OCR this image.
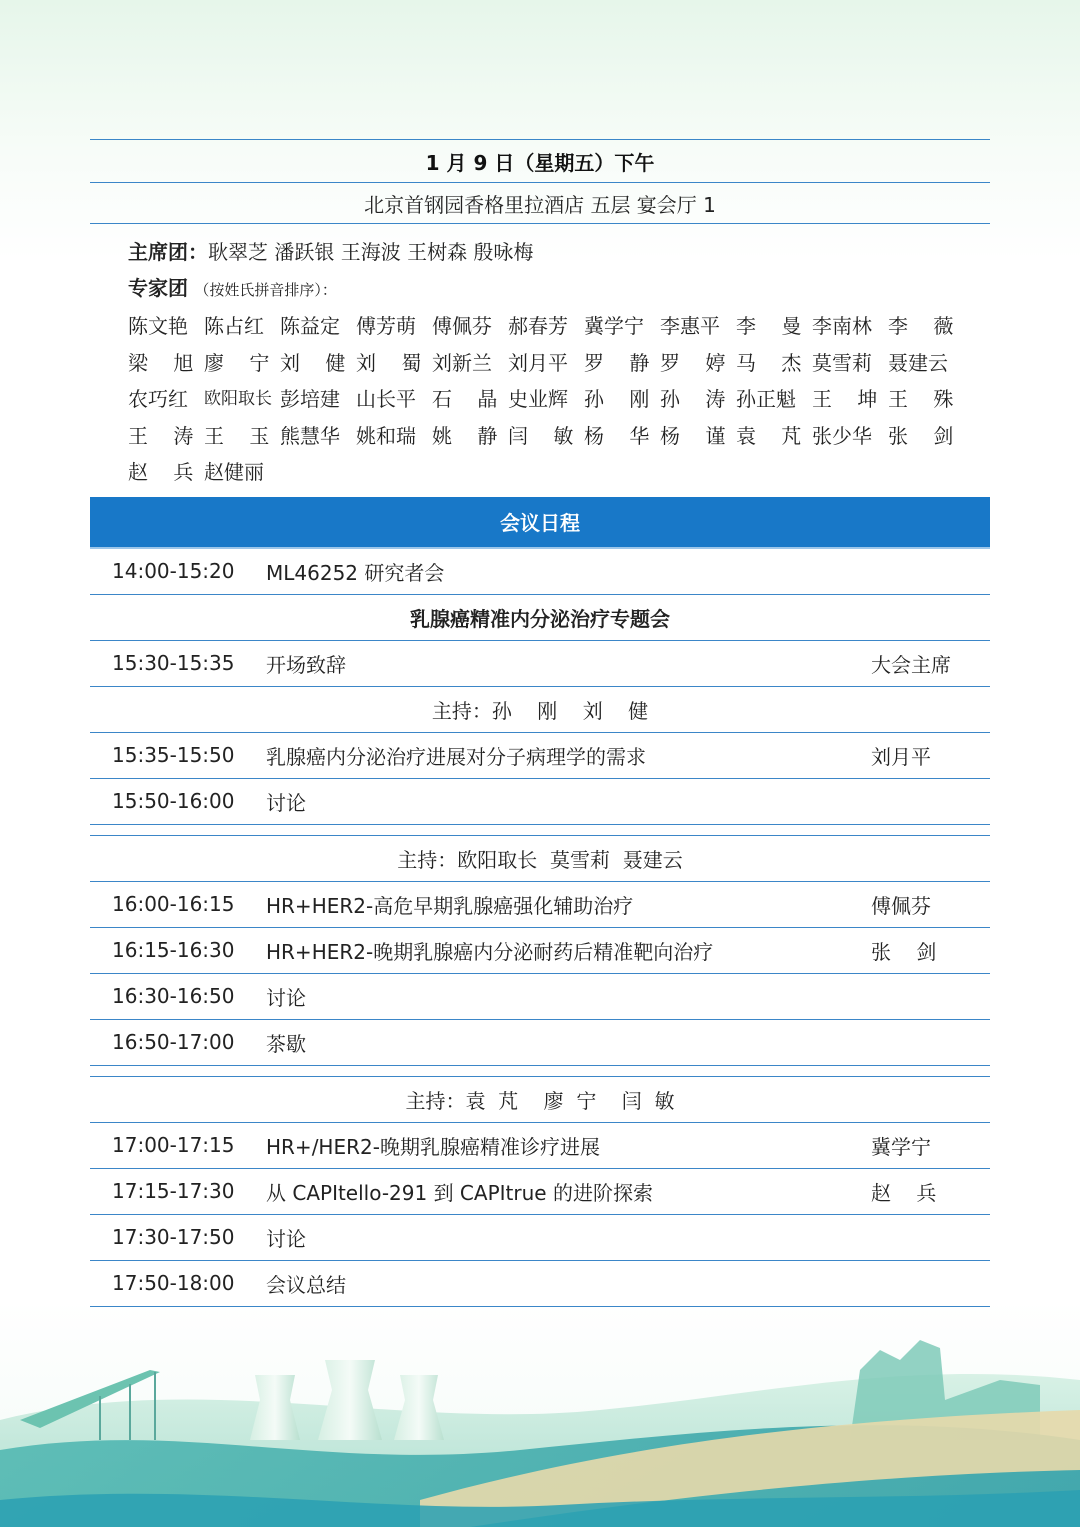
1 月 9 日（星期五）下午
北京首钢园香格里拉酒店 五层 宴会厅 1
主席团：耿翠芝 潘跃银 王海波 王树森 殷咏梅
专家团 （按姓氏拼音排序）：
陈文艳 陈占红 陈益定 傅芳萌 傅佩芬 郝春芳 冀学宁 李惠平 李    曼 李南林 李    薇
梁    旭 廖    宁 刘    健 刘    蜀 刘新兰 刘月平 罗    静 罗    婷 马    杰 莫雪莉 聂建云
农巧红 欧阳取长 彭培建 山长平 石    晶 史业辉 孙    刚 孙    涛 孙正魁 王    坤 王    殊
王    涛 王    玉 熊慧华 姚和瑞 姚    静 闫    敏 杨    华 杨    谨 袁    芃 张少华 张    剑
赵    兵 赵健丽
会议日程
14:00-15:20 ML46252 研究者会
乳腺癌精准内分泌治疗专题会
15:30-15:35 开场致辞	大会主席
主持：孙    刚    刘    健
15:35-15:50 乳腺癌内分泌治疗进展对分子病理学的需求	刘月平
15:50-16:00 讨论
主持：欧阳取长  莫雪莉  聂建云
16:00-16:15 HR+HER2-高危早期乳腺癌强化辅助治疗	傅佩芬
16:15-16:30 HR+HER2-晚期乳腺癌内分泌耐药后精准靶向治疗	张    剑
16:30-16:50 讨论
16:50-17:00 茶歇
主持：袁  芃    廖  宁    闫  敏
17:00-17:15 HR+/HER2-晚期乳腺癌精准诊疗进展	冀学宁
17:15-17:30 从 CAPItello-291 到 CAPItrue 的进阶探索	赵    兵
17:30-17:50 讨论
17:50-18:00 会议总结
